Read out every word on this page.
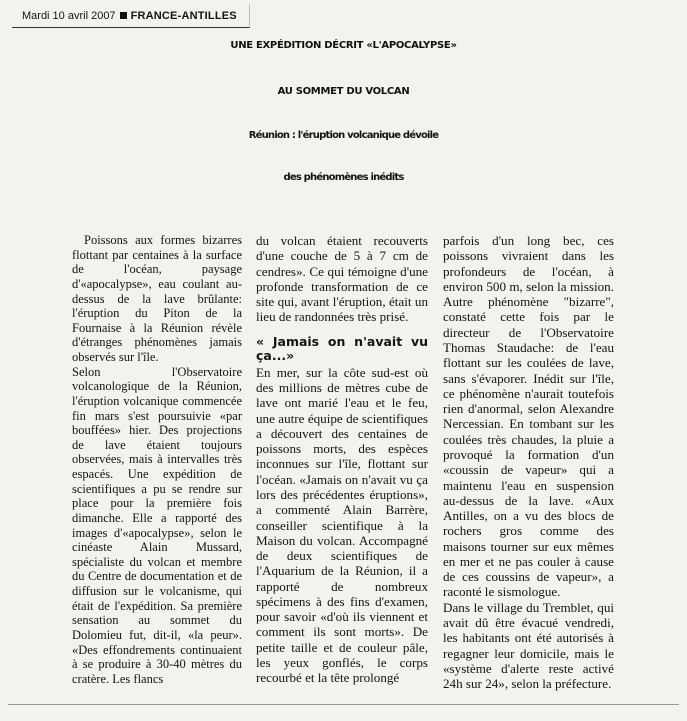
Mardi 10 avril 2007 FRANCE-ANTILLES
UNE EXPÉDITION DÉCRIT «L'APOCALYPSE»
AU SOMMET DU VOLCAN
Réunion : l'éruption volcanique dévoile
des phénomènes inédits

Poissons aux formes bizarres flottant par centaines à la surface de l'océan, paysage d'«apocalypse», eau coulant au-dessus de la lave brûlante: l'éruption du Piton de la Fournaise à la Réunion révèle d'étranges phénomènes jamais observés sur l'île.

Selon l'Observatoire volcanologique de la Réunion, l'éruption volcanique commencée fin mars s'est poursuivie «par bouffées» hier. Des projections de lave étaient toujours observées, mais à intervalles très espacés. Une expédition de scientifiques a pu se rendre sur place pour la première fois dimanche. Elle a rapporté des images d'«apocalypse», selon le cinéaste Alain Mussard, spécialiste du volcan et membre du Centre de documentation et de diffusion sur le volcanisme, qui était de l'expédition. Sa première sensation au sommet du Dolomieu fut, dit-il, «la peur». «Des effondrements continuaient à se produire à 30-40 mètres du cratère. Les flancs

du volcan étaient recouverts d'une couche de 5 à 7 cm de cendres». Ce qui témoigne d'une profonde transformation de ce site qui, avant l'éruption, était un lieu de randonnées très prisé.

« Jamais on n'avait vu ça...»

En mer, sur la côte sud-est où des millions de mètres cube de lave ont marié l'eau et le feu, une autre équipe de scientifiques a découvert des centaines de poissons morts, des espèces inconnues sur l'île, flottant sur l'océan. «Jamais on n'avait vu ça lors des précédentes éruptions», a commenté Alain Barrère, conseiller scientifique à la Maison du volcan. Accompagné de deux scientifiques de l'Aquarium de la Réunion, il a rapporté de nombreux spécimens à des fins d'examen, pour savoir «d'où ils viennent et comment ils sont morts». De petite taille et de couleur pâle, les yeux gonflés, le corps recourbé et la tête prolongé

parfois d'un long bec, ces poissons vivraient dans les profondeurs de l'océan, à environ 500 m, selon la mission. Autre phénomène "bizarre", constaté cette fois par le directeur de l'Observatoire Thomas Staudache: de l'eau flottant sur les coulées de lave, sans s'évaporer. Inédit sur l'île, ce phénomène n'aurait toutefois rien d'anormal, selon Alexandre Nercessian. En tombant sur les coulées très chaudes, la pluie a provoqué la formation d'un «coussin de vapeur» qui a maintenu l'eau en suspension au-dessus de la lave. «Aux Antilles, on a vu des blocs de rochers gros comme des maisons tourner sur eux mêmes en mer et ne pas couler à cause de ces coussins de vapeur», a raconté le sismologue.

Dans le village du Tremblet, qui avait dû être évacué vendredi, les habitants ont été autorisés à regagner leur domicile, mais le «système d'alerte reste activé 24h sur 24», selon la préfecture.
